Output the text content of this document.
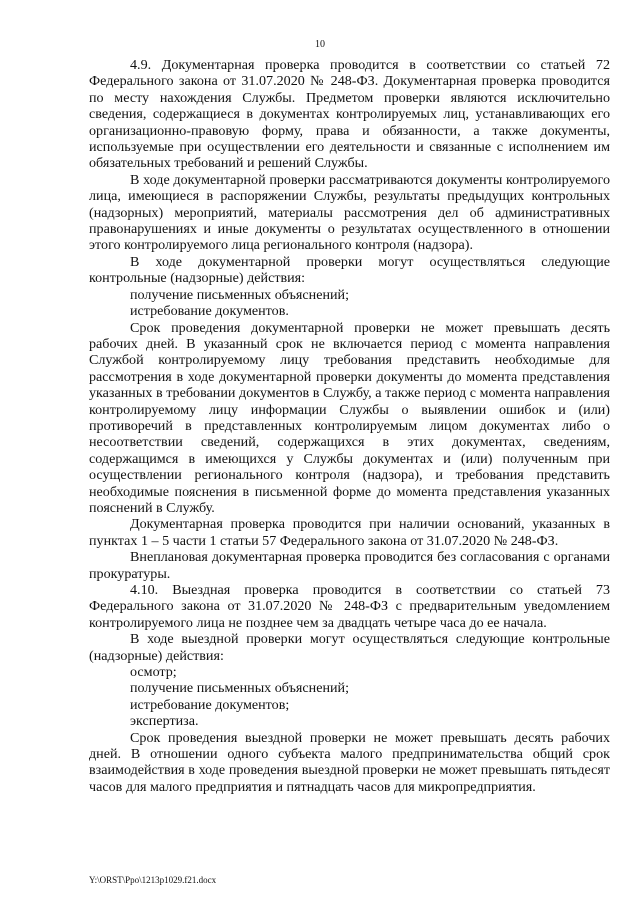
10

4.9. Документарная проверка проводится в соответствии со статьей 72 Федерального закона от 31.07.2020 № 248-ФЗ. Документарная проверка проводится по месту нахождения Службы. Предметом проверки являются исключительно сведения, содержащиеся в документах контролируемых лиц, устанавливающих его организационно-правовую форму, права и обязанности, а также документы, используемые при осуществлении его деятельности и связанные с исполнением им обязательных требований и решений Службы.

В ходе документарной проверки рассматриваются документы контролируемого лица, имеющиеся в распоряжении Службы, результаты предыдущих контрольных (надзорных) мероприятий, материалы рассмотрения дел об административных правонарушениях и иные документы о результатах осуществленного в отношении этого контролируемого лица регионального контроля (надзора).

В ходе документарной проверки могут осуществляться следующие контрольные (надзорные) действия:

получение письменных объяснений;

истребование документов.

Срок проведения документарной проверки не может превышать десять рабочих дней. В указанный срок не включается период с момента направления Службой контролируемому лицу требования представить необходимые для рассмотрения в ходе документарной проверки документы до момента представления указанных в требовании документов в Службу, а также период с момента направления контролируемому лицу информации Службы о выявлении ошибок и (или) противоречий в представленных контролируемым лицом документах либо о несоответствии сведений, содержащихся в этих документах, сведениям, содержащимся в имеющихся у Службы документах и (или) полученным при осуществлении регионального контроля (надзора), и требования представить необходимые пояснения в письменной форме до момента представления указанных пояснений в Службу.

Документарная проверка проводится при наличии оснований, указанных в пунктах 1 – 5 части 1 статьи 57 Федерального закона от 31.07.2020 № 248-ФЗ.

Внеплановая документарная проверка проводится без согласования с органами прокуратуры.

4.10. Выездная проверка проводится в соответствии со статьей 73 Федерального закона от 31.07.2020 № 248-ФЗ с предварительным уведомлением контролируемого лица не позднее чем за двадцать четыре часа до ее начала.

В ходе выездной проверки могут осуществляться следующие контрольные (надзорные) действия:

осмотр;

получение письменных объяснений;

истребование документов;

экспертиза.

Срок проведения выездной проверки не может превышать десять рабочих дней. В отношении одного субъекта малого предпринимательства общий срок взаимодействия в ходе проведения выездной проверки не может превышать пятьдесят часов для малого предприятия и пятнадцать часов для микропредприятия.

Y:\ORST\Ppo\1213p1029.f21.docx
